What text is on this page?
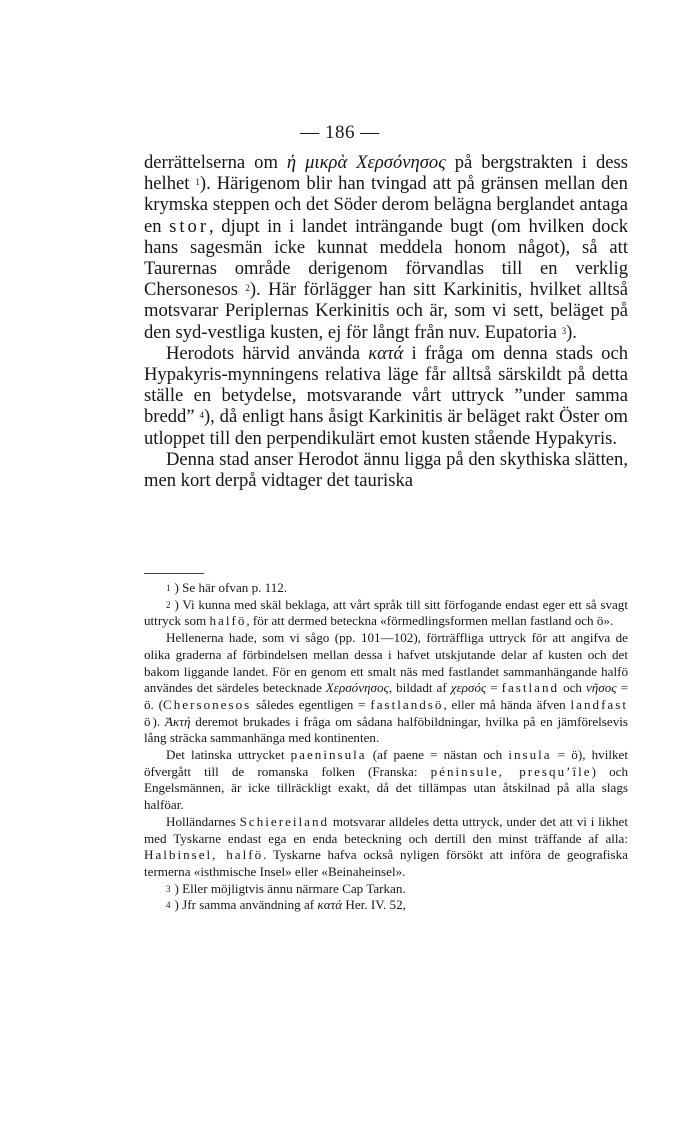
— 186 —

derrättelserna om ἡ μικρὰ Χερσόνησος på bergstrakten i dess helhet $^1$). Härigenom blir han tvingad att på gränsen mellan den krymska steppen och det Söder derom belägna berglandet antaga en stor, djupt in i landet inträngande bugt (om hvilken dock hans sagesmän icke kunnat meddela honom något), så att Taurernas område derigenom förvandlas till en verklig Chersonesos $^2$). Här förlägger han sitt Karkinitis, hvilket alltså motsvarar Periplernas Kerkinitis och är, som vi sett, beläget på den syd-vestliga kusten, ej för långt från nuv. Eupatoria $^3$).

Herodots härvid använda κατά i fråga om denna stads och Hypakyris-mynningens relativa läge får alltså särskildt på detta ställe en betydelse, motsvarande vårt uttryck ”under samma bredd” $^4$), då enligt hans åsigt Karkinitis är beläget rakt Öster om utloppet till den perpendikulärt emot kusten stående Hypakyris.

Denna stad anser Herodot ännu ligga på den skythiska slätten, men kort derpå vidtager det tauriska

$^1$ ) Se här ofvan p. 112.

$^2$ ) Vi kunna med skäl beklaga, att vårt språk till sitt förfogande endast eger ett så svagt uttryck som halfö, för att dermed beteckna «förmedlingsformen mellan fastland och ö».

Hellenerna hade, som vi sågo (pp. 101—102), förträffliga uttryck för att angifva de olika graderna af förbindelsen mellan dessa i hafvet utskjutande delar af kusten och det bakom liggande landet. För en genom ett smalt näs med fastlandet sammanhängande halfö användes det särdeles betecknade Χερσόνησος, bildadt af χερσός = fastland och νῆσος = ö. (Chersonesos således egentligen = fastlandsö, eller må hända äfven landfast ö). Ἀκτή deremot brukades i fråga om sådana halföbildningar, hvilka på en jämförelsevis lång sträcka sammanhänga med kontinenten.

Det latinska uttrycket paeninsula (af paene = nästan och insula = ö), hvilket öfvergått till de romanska folken (Franska: péninsule, presqu’île) och Engelsmännen, är icke tillräckligt exakt, då det tillämpas utan åtskilnad på alla slags halföar.

Holländarnes Schiereiland motsvarar alldeles detta uttryck, under det att vi i likhet med Tyskarne endast ega en enda beteckning och dertill den minst träffande af alla: Halbinsel, halfö. Tyskarne hafva också nyligen försökt att införa de geografiska termerna «isthmische Insel» eller «Beinaheinsel».

$^3$ ) Eller möjligtvis ännu närmare Cap Tarkan.

$^4$ ) Jfr samma användning af κατά Her. IV. 52,
